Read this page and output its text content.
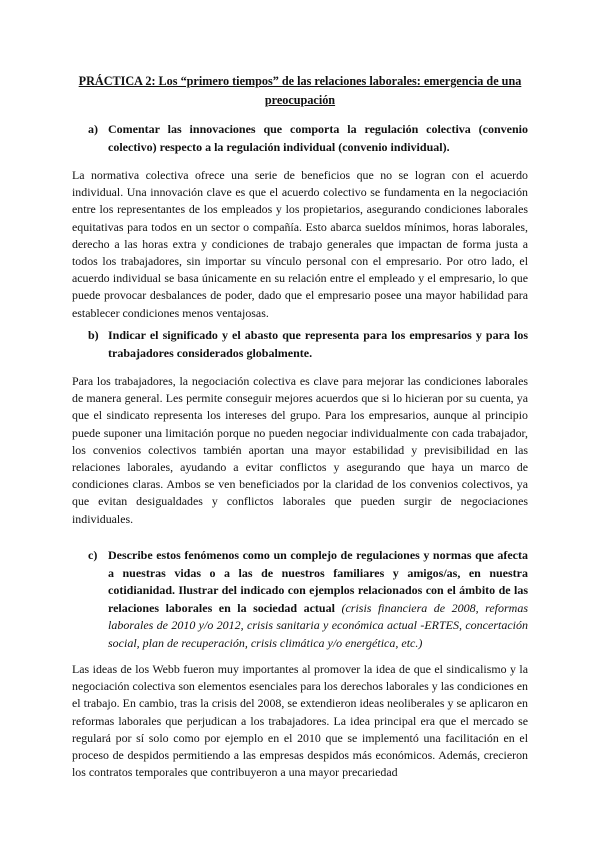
PRÁCTICA 2: Los “primero tiempos” de las relaciones laborales: emergencia de una preocupación
a) Comentar las innovaciones que comporta la regulación colectiva (convenio colectivo) respecto a la regulación individual (convenio individual).
La normativa colectiva ofrece una serie de beneficios que no se logran con el acuerdo individual. Una innovación clave es que el acuerdo colectivo se fundamenta en la negociación entre los representantes de los empleados y los propietarios, asegurando condiciones laborales equitativas para todos en un sector o compañía. Esto abarca sueldos mínimos, horas laborales, derecho a las horas extra y condiciones de trabajo generales que impactan de forma justa a todos los trabajadores, sin importar su vínculo personal con el empresario. Por otro lado, el acuerdo individual se basa únicamente en su relación entre el empleado y el empresario, lo que puede provocar desbalances de poder, dado que el empresario posee una mayor habilidad para establecer condiciones menos ventajosas.
b) Indicar el significado y el abasto que representa para los empresarios y para los trabajadores considerados globalmente.
Para los trabajadores, la negociación colectiva es clave para mejorar las condiciones laborales de manera general. Les permite conseguir mejores acuerdos que si lo hicieran por su cuenta, ya que el sindicato representa los intereses del grupo. Para los empresarios, aunque al principio puede suponer una limitación porque no pueden negociar individualmente con cada trabajador, los convenios colectivos también aportan una mayor estabilidad y previsibilidad en las relaciones laborales, ayudando a evitar conflictos y asegurando que haya un marco de condiciones claras. Ambos se ven beneficiados por la claridad de los convenios colectivos, ya que evitan desigualdades y conflictos laborales que pueden surgir de negociaciones individuales.
c) Describe estos fenómenos como un complejo de regulaciones y normas que afecta a nuestras vidas o a las de nuestros familiares y amigos/as, en nuestra cotidianidad. Ilustrar del indicado con ejemplos relacionados con el ámbito de las relaciones laborales en la sociedad actual (crisis financiera de 2008, reformas laborales de 2010 y/o 2012, crisis sanitaria y económica actual -ERTES, concertación social, plan de recuperación, crisis climática y/o energética, etc.)
Las ideas de los Webb fueron muy importantes al promover la idea de que el sindicalismo y la negociación colectiva son elementos esenciales para los derechos laborales y las condiciones en el trabajo. En cambio, tras la crisis del 2008, se extendieron ideas neoliberales y se aplicaron en reformas laborales que perjudican a los trabajadores. La idea principal era que el mercado se regulará por sí solo como por ejemplo en el 2010 que se implementó una facilitación en el proceso de despidos permitiendo a las empresas despidos más económicos. Además, crecieron los contratos temporales que contribuyeron a una mayor precariedad
